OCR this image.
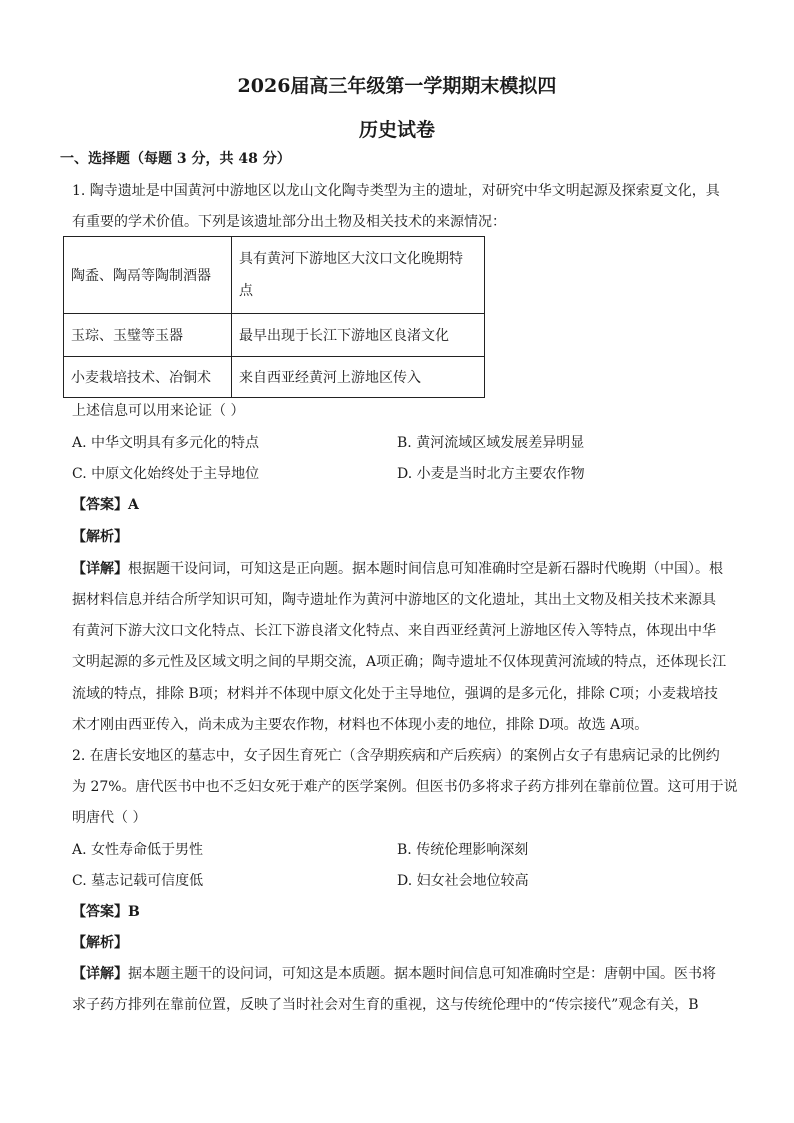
2026届高三年级第一学期期末模拟四
历史试卷
一、选择题（每题 3 分，共 48 分）
1. 陶寺遗址是中国黄河中游地区以龙山文化陶寺类型为主的遗址，对研究中华文明起源及探索夏文化，具
有重要的学术价值。下列是该遗址部分出土物及相关技术的来源情况：
陶盉、陶鬲等陶制酒器	具有黄河下游地区大汶口文化晚期特
点

玉琮、玉璧等玉器	最早出现于长江下游地区良渚文化
小麦栽培技术、冶铜术	来自西亚经黄河上游地区传入
上述信息可以用来论证（ ）
A. 中华文明具有多元化的特点	B. 黄河流域区域发展差异明显
C. 中原文化始终处于主导地位	D. 小麦是当时北方主要农作物
【答案】A
【解析】
【详解】根据题干设问词，可知这是正向题。据本题时间信息可知准确时空是新石器时代晚期（中国）。根
据材料信息并结合所学知识可知，陶寺遗址作为黄河中游地区的文化遗址，其出土文物及相关技术来源具
有黄河下游大汶口文化特点、长江下游良渚文化特点、来自西亚经黄河上游地区传入等特点，体现出中华
文明起源的多元性及区域文明之间的早期交流，A项正确；陶寺遗址不仅体现黄河流域的特点，还体现长江
流域的特点，排除 B项；材料并不体现中原文化处于主导地位，强调的是多元化，排除 C项；小麦栽培技
术才刚由西亚传入，尚未成为主要农作物，材料也不体现小麦的地位，排除 D项。故选 A项。
2. 在唐长安地区的墓志中，女子因生育死亡（含孕期疾病和产后疾病）的案例占女子有患病记录的比例约
为 27%。唐代医书中也不乏妇女死于难产的医学案例。但医书仍多将求子药方排列在靠前位置。这可用于说
明唐代（ ）
A. 女性寿命低于男性	B. 传统伦理影响深刻
C. 墓志记载可信度低	D. 妇女社会地位较高
【答案】B
【解析】
【详解】据本题主题干的设问词，可知这是本质题。据本题时间信息可知准确时空是：唐朝中国。医书将
求子药方排列在靠前位置，反映了当时社会对生育的重视，这与传统伦理中的“传宗接代”观念有关，B
